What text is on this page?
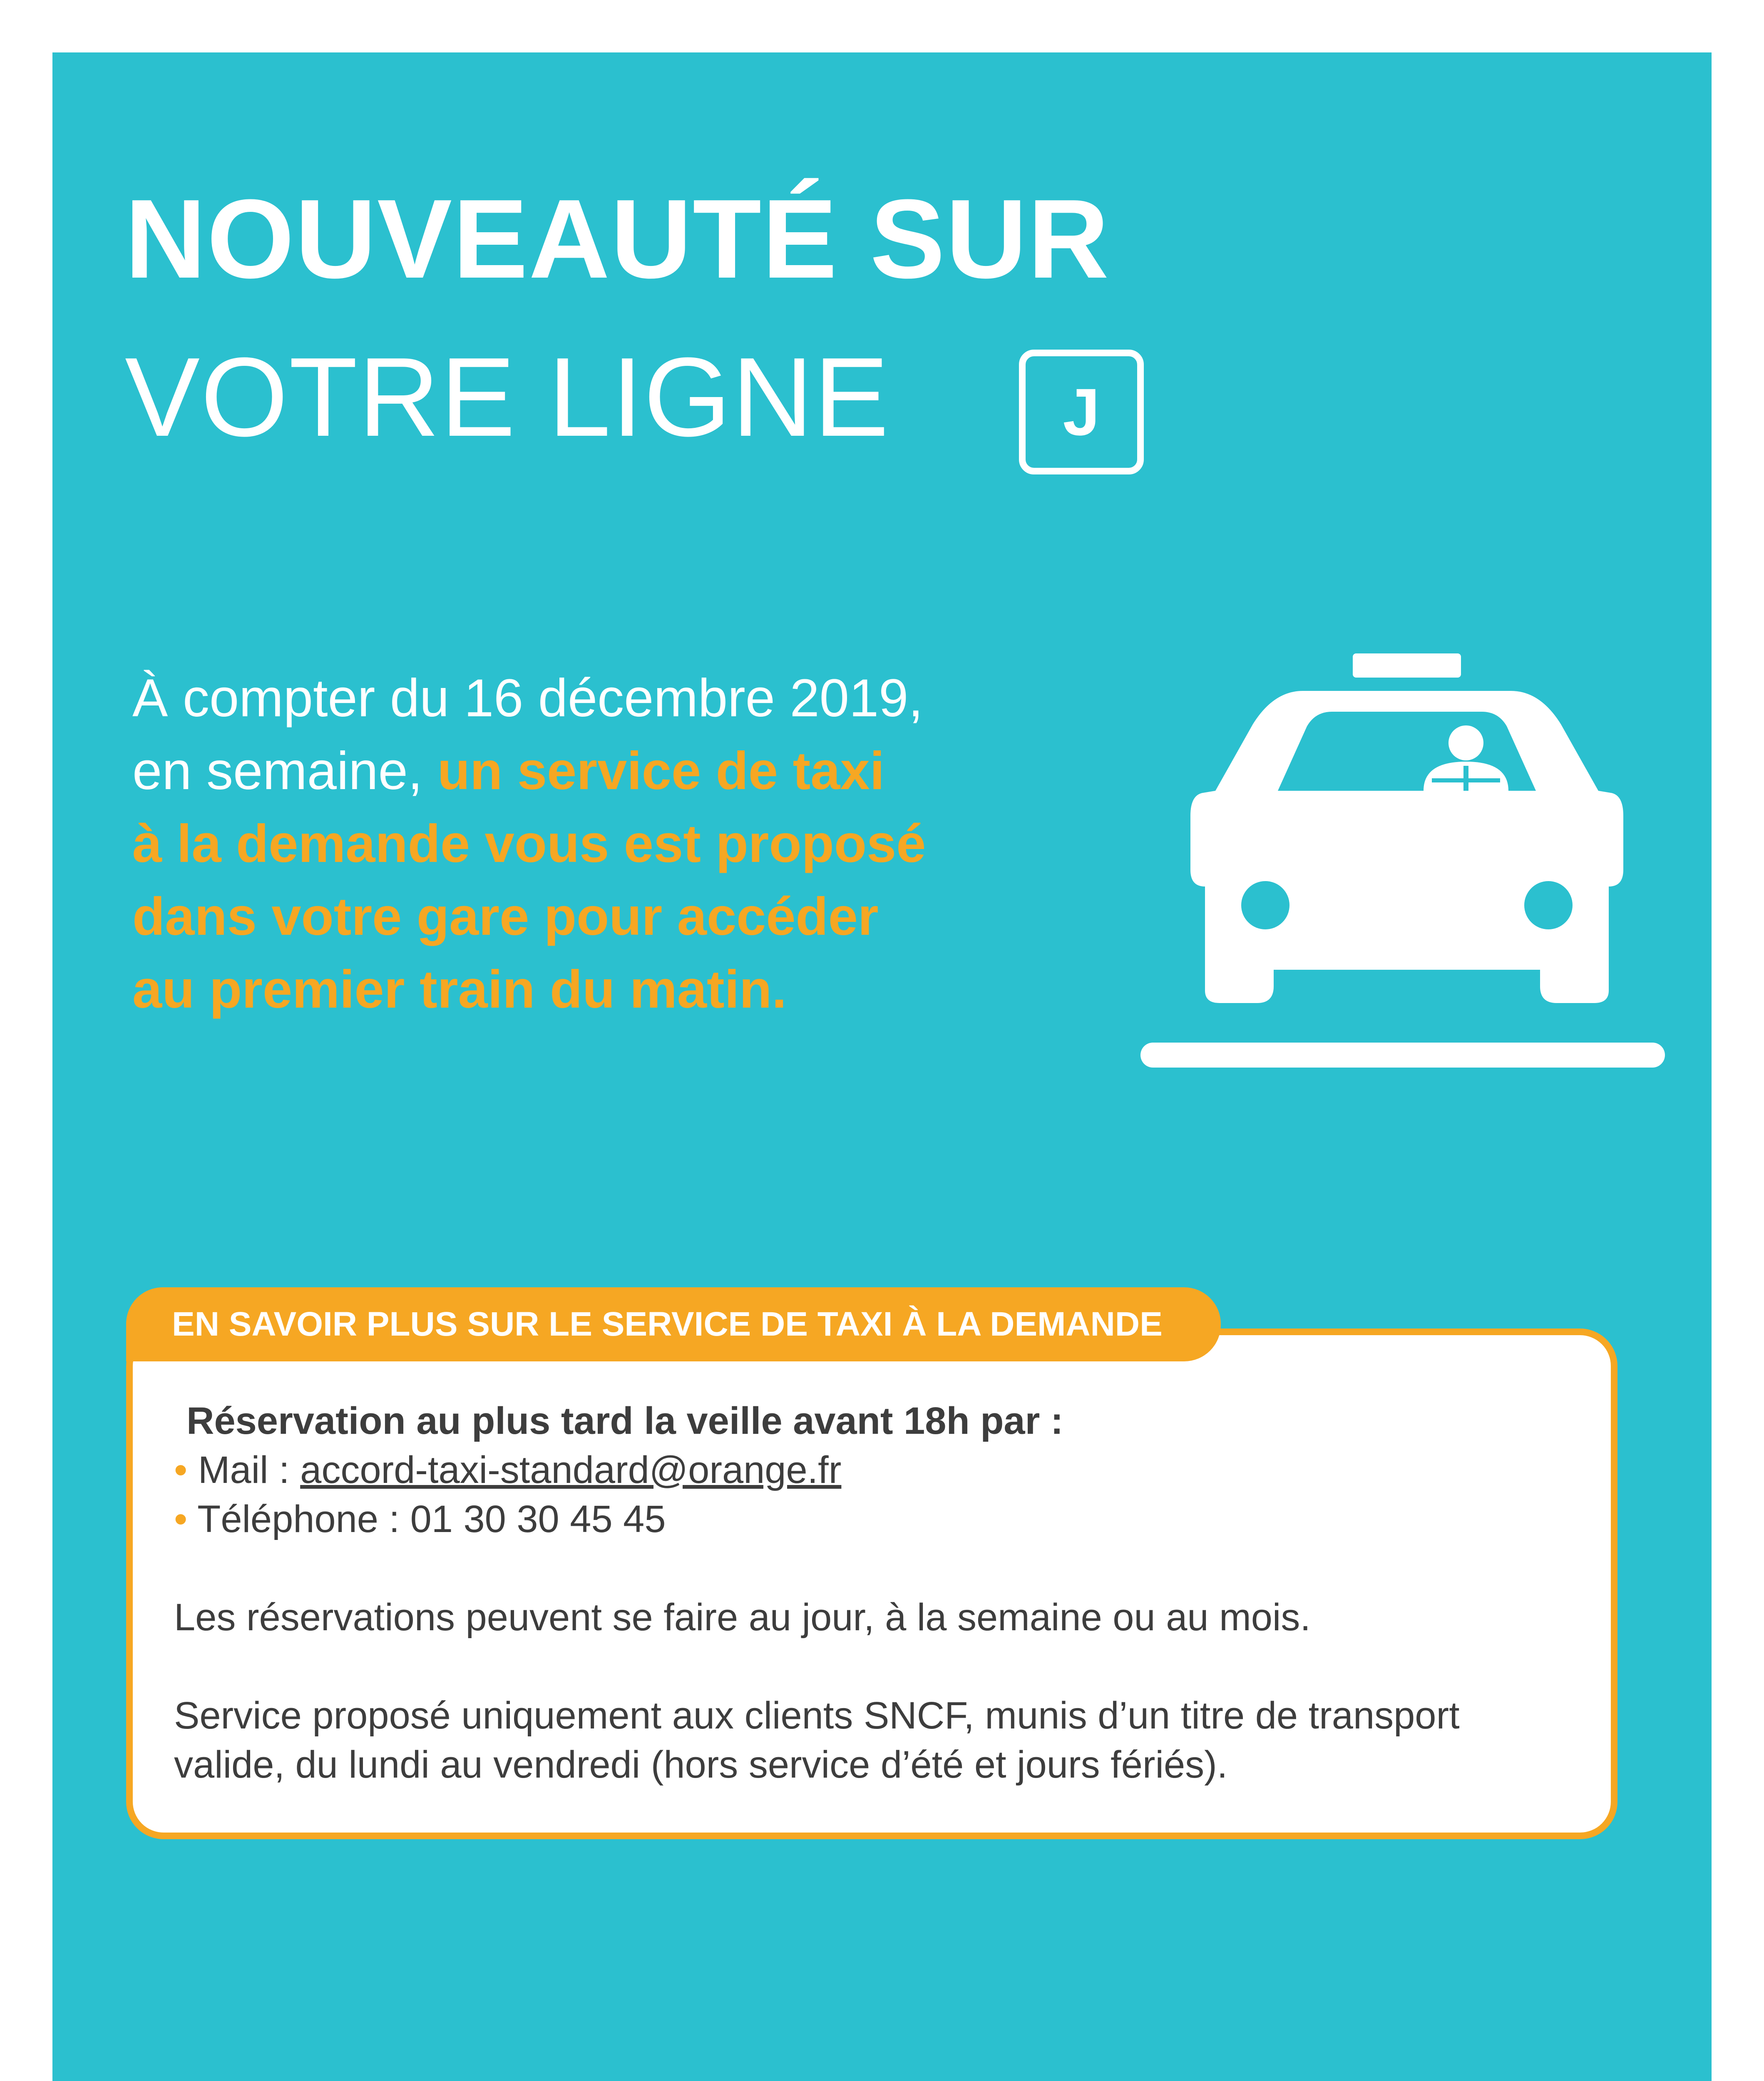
NOUVEAUTÉ SUR
VOTRE LIGNE	J
À compter du 16 décembre 2019,
en semaine, un service de taxi
à la demande vous est proposé
dans votre gare pour accéder
au premier train du matin.
EN SAVOIR PLUS SUR LE SERVICE DE TAXI À LA DEMANDE

Réservation au plus tard la veille avant 18h par :

• Mail : accord-taxi-standard@orange.fr

• Téléphone : 01 30 30 45 45

Les réservations peuvent se faire au jour, à la semaine ou au mois.

Service proposé uniquement aux clients SNCF, munis d’un titre de transport

valide, du lundi au vendredi (hors service d’été et jours fériés).
